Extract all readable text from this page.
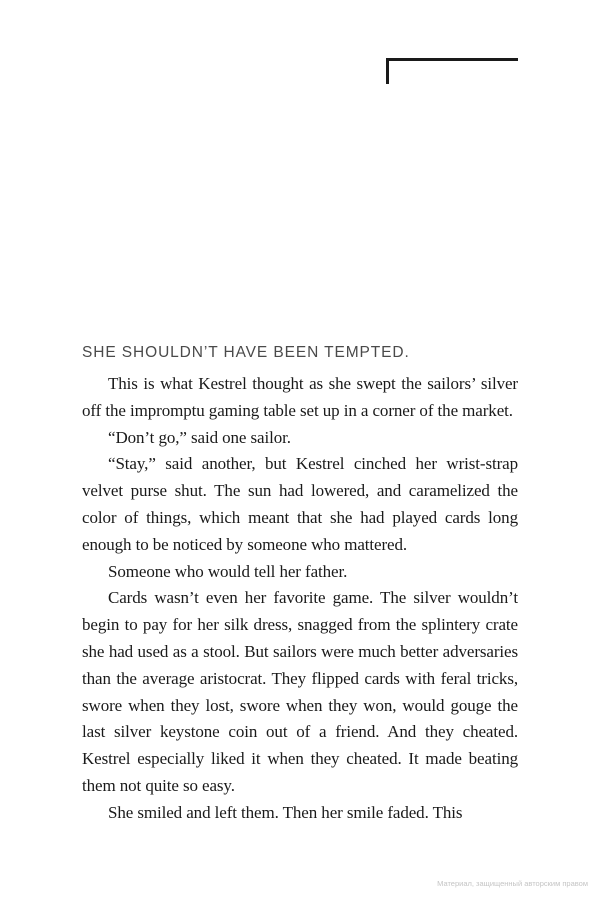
SHE SHOULDN’T HAVE BEEN TEMPTED.

This is what Kestrel thought as she swept the sailors’ silver off the impromptu gaming table set up in a corner of the market.

“Don’t go,” said one sailor.

“Stay,” said another, but Kestrel cinched her wrist-strap velvet purse shut. The sun had lowered, and caramelized the color of things, which meant that she had played cards long enough to be noticed by someone who mattered.

Someone who would tell her father.

Cards wasn’t even her favorite game. The silver wouldn’t begin to pay for her silk dress, snagged from the splintery crate she had used as a stool. But sailors were much better adversaries than the average aristocrat. They flipped cards with feral tricks, swore when they lost, swore when they won, would gouge the last silver keystone coin out of a friend. And they cheated. Kestrel especially liked it when they cheated. It made beating them not quite so easy.

She smiled and left them. Then her smile faded. This

Материал, защищенный авторским правом
